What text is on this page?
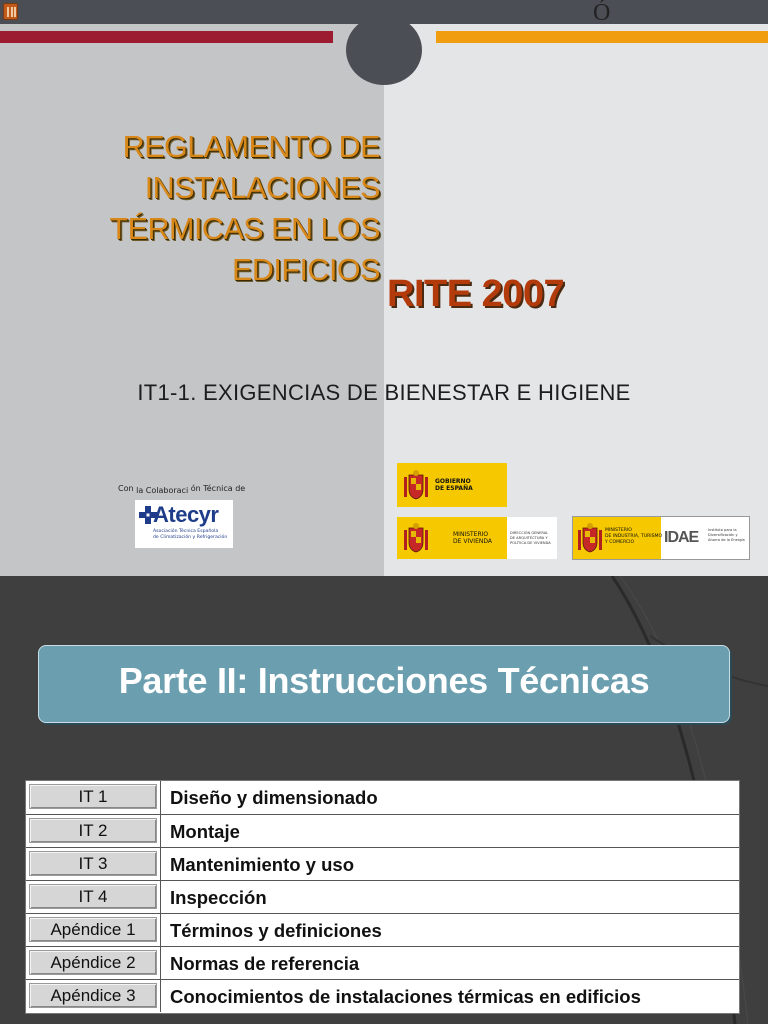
Ó
REGLAMENTO DE
INSTALACIONES
TÉRMICAS EN LOS
EDIFICIOS
RITE 2007
IT1-1. EXIGENCIAS DE BIENESTAR E HIGIENE
Con la Colaboraci ón Técnica de
Atecyr
Asociación Técnica Española
de Climatización y Refrigeración
GOBIERNO
DE ESPAÑA
MINISTERIO
DE VIVIENDA
DIRECCIÓN GENERAL
DE ARQUITECTURA Y
POLÍTICA DE VIVIENDA
MINISTERIO
DE INDUSTRIA, TURISMO
Y COMERCIO	IDAE	Instituto para la
Diversificación y
Ahorro de la Energía
Parte II: Instrucciones Técnicas
IT 1	Diseño y dimensionado
IT 2	Montaje
IT 3	Mantenimiento y uso
IT 4	Inspección
Apéndice 1	Términos y definiciones
Apéndice 2	Normas de referencia
Apéndice 3	Conocimientos de instalaciones térmicas en edificios
